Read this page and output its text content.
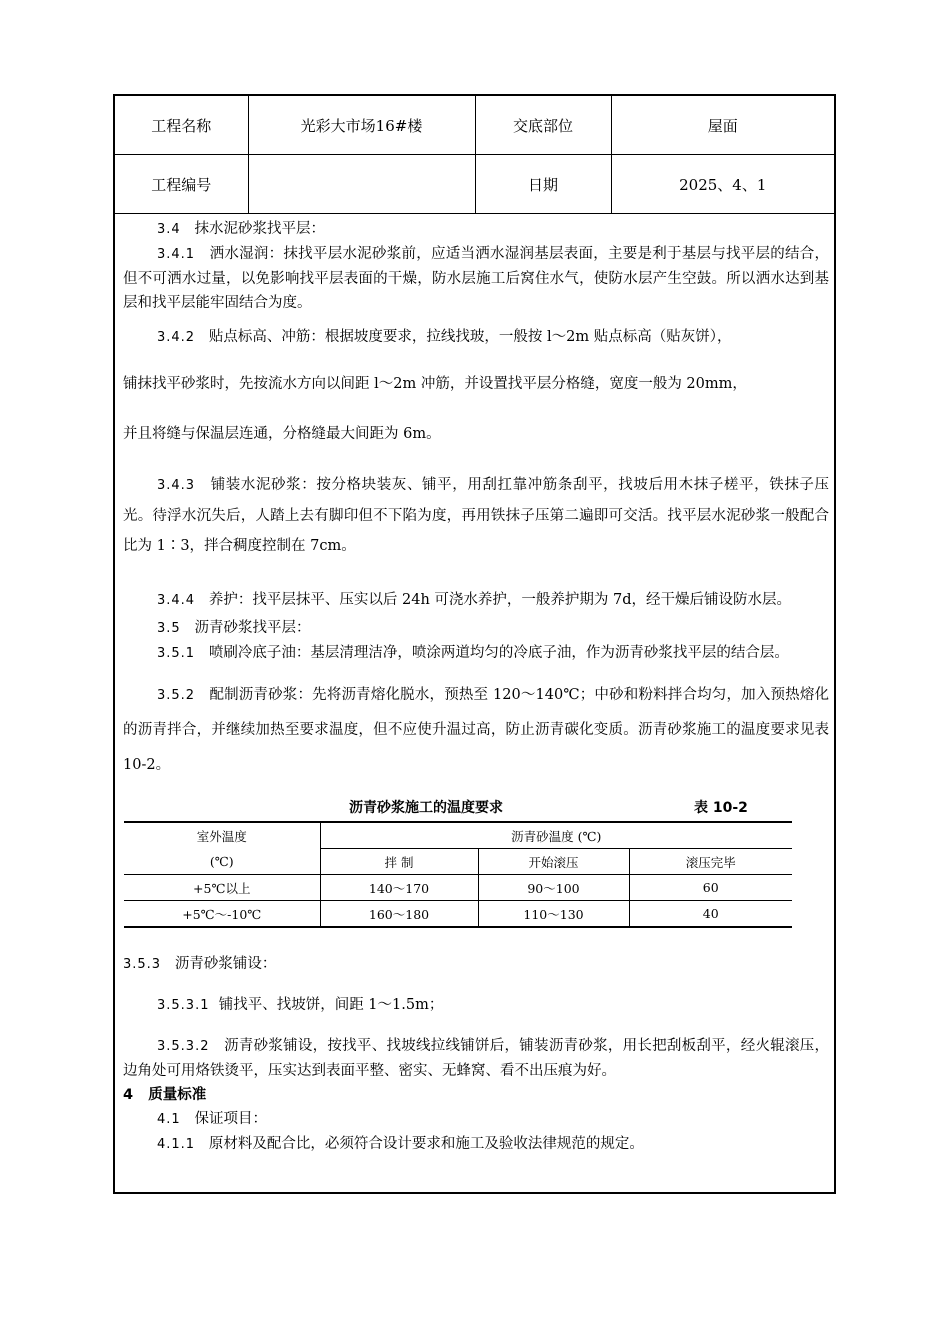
工程名称	光彩大市场16#楼	交底部位	屋面
工程编号		日期	2025、4、1

3.4 抹水泥砂浆找平层：

3.4.1 洒水湿润：抹找平层水泥砂浆前，应适当洒水湿润基层表面，主要是利于基层与找平层的结合，但不可洒水过量，以免影响找平层表面的干燥，防水层施工后窝住水气，使防水层产生空鼓。所以洒水达到基层和找平层能牢固结合为度。

3.4.2 贴点标高、冲筋：根据坡度要求，拉线找玻，一般按 l～2m 贴点标高（贴灰饼），

铺抹找平砂浆时，先按流水方向以间距 l～2m 冲筋，并设置找平层分格缝，宽度一般为 20mm，

并且将缝与保温层连通，分格缝最大间距为 6m。

3.4.3 铺装水泥砂浆：按分格块装灰、铺平，用刮扛靠冲筋条刮平，找坡后用木抹子槎平，铁抹子压光。待浮水沉失后，人踏上去有脚印但不下陷为度，再用铁抹子压第二遍即可交活。找平层水泥砂浆一般配合比为 1∶3，拌合稠度控制在 7cm。

3.4.4 养护：找平层抹平、压实以后 24h 可浇水养护，一般养护期为 7d，经干燥后铺设防水层。

3.5 沥青砂浆找平层：

3.5.1 喷刷冷底子油：基层清理洁净，喷涂两道均匀的冷底子油，作为沥青砂浆找平层的结合层。

3.5.2 配制沥青砂浆：先将沥青熔化脱水，预热至 120～140℃；中砂和粉料拌合均匀，加入预热熔化的沥青拌合，并继续加热至要求温度，但不应使升温过高，防止沥青碳化变质。沥青砂浆施工的温度要求见表 10-2。

沥青砂浆施工的温度要求	表 10-2
室外温度	沥青砂温度 (℃)		
(℃)	拌 制	开始滚压	滚压完毕
+5℃以上	140～170	90～100	60
+5℃～-10℃	160～180	110～130	40

3.5.3 沥青砂浆铺设：

3.5.3.1 铺找平、找坡饼，间距 1～1.5m；

3.5.3.2 沥青砂浆铺设，按找平、找坡线拉线铺饼后，铺装沥青砂浆，用长把刮板刮平，经火辊滚压，边角处可用烙铁烫平，压实达到表面平整、密实、无蜂窝、看不出压痕为好。

4 质量标准

4.1 保证项目：

4.1.1 原材料及配合比，必须符合设计要求和施工及验收法律规范的规定。
